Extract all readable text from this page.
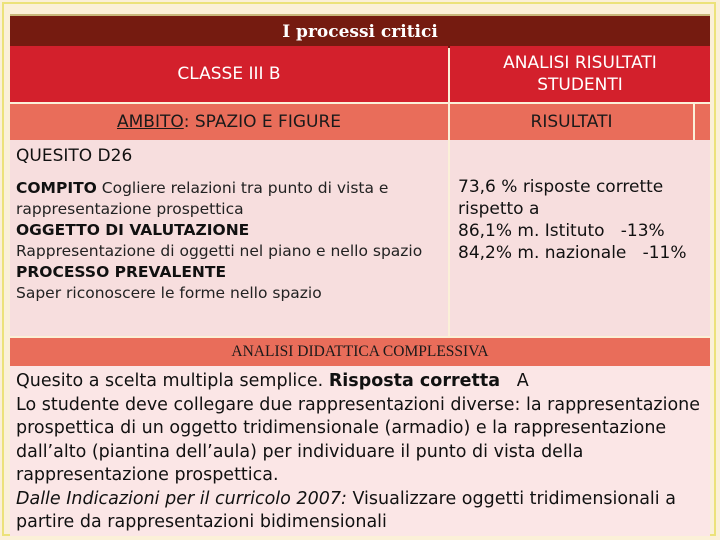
I processi critici
CLASSE III B
ANALISI RISULTATI STUDENTI
AMBITO : SPAZIO E FIGURE	RISULTATI
QUESITO D26
COMPITO Cogliere relazioni tra punto di vista e rappresentazione prospettica
OGGETTO DI VALUTAZIONE
Rappresentazione di oggetti nel piano e nello spazio
PROCESSO PREVALENTE
Saper riconoscere le forme nello spazio
73,6 % risposte corrette rispetto a
86,1% m. Istituto   -13%
84,2% m. nazionale   -11%
ANALISI DIDATTICA COMPLESSIVA
Quesito a scelta multipla semplice. Risposta corretta   A
Lo studente deve collegare due rappresentazioni diverse: la rappresentazione prospettica di un oggetto tridimensionale (armadio) e la rappresentazione dall’alto (piantina dell’aula) per individuare il punto di vista della rappresentazione prospettica.
Dalle Indicazioni per il curricolo 2007: Visualizzare oggetti tridimensionali a partire da rappresentazioni bidimensionali
